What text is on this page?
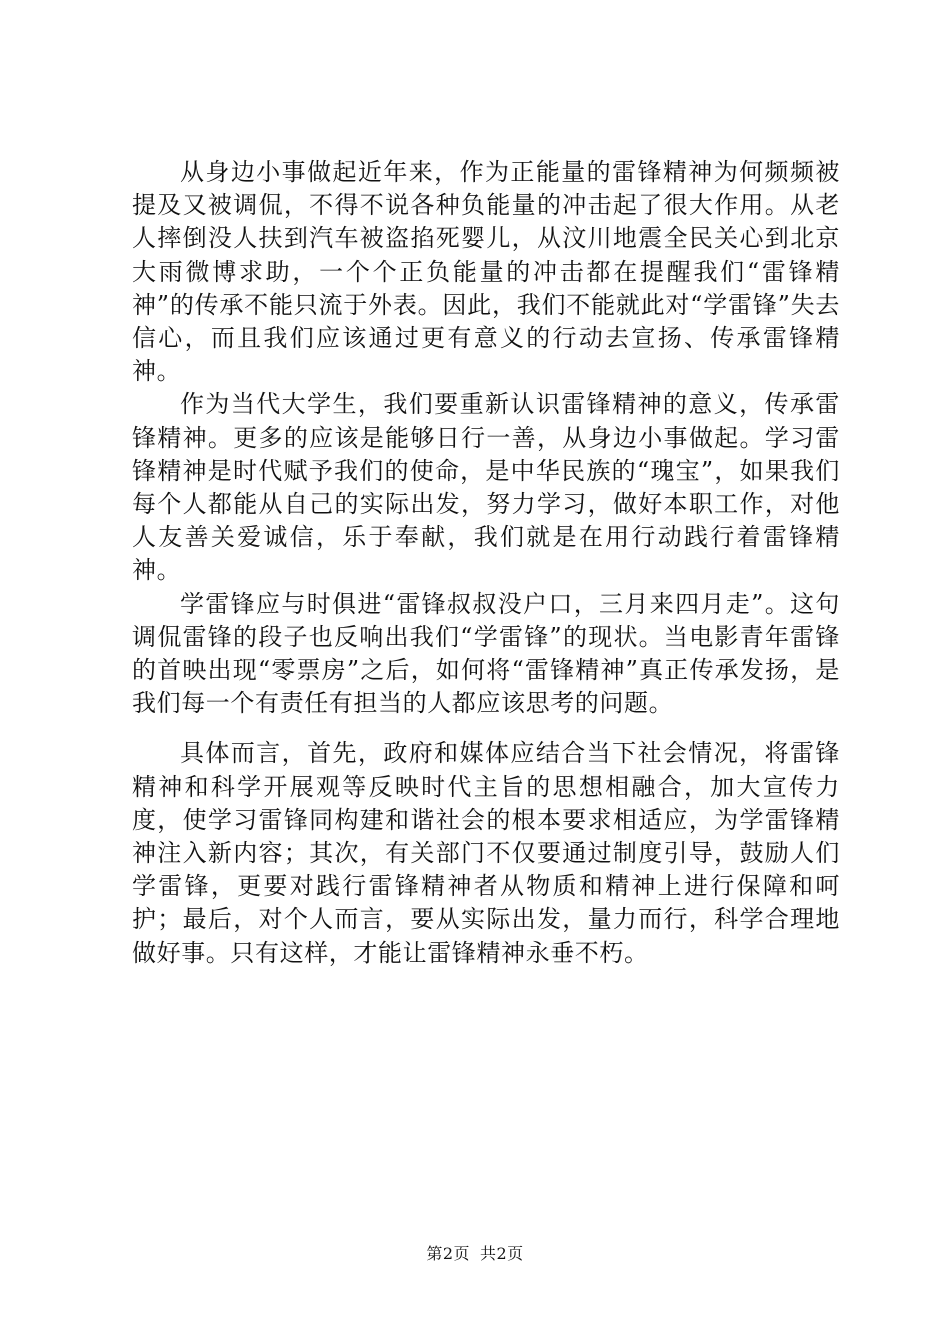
从身边小事做起近年来，作为正能量的雷锋精神为何频频被提及又被调侃，不得不说各种负能量的冲击起了很大作用。从老人摔倒没人扶到汽车被盗掐死婴儿，从汶川地震全民关心到北京大雨微博求助，一个个正负能量的冲击都在提醒我们“雷锋精神”的传承不能只流于外表。因此，我们不能就此对“学雷锋”失去信心，而且我们应该通过更有意义的行动去宣扬、传承雷锋精神。

作为当代大学生，我们要重新认识雷锋精神的意义，传承雷锋精神。更多的应该是能够日行一善，从身边小事做起。学习雷锋精神是时代赋予我们的使命，是中华民族的“瑰宝”，如果我们每个人都能从自己的实际出发，努力学习，做好本职工作，对他人友善关爱诚信，乐于奉献，我们就是在用行动践行着雷锋精神。

学雷锋应与时俱进“雷锋叔叔没户口，三月来四月走”。这句调侃雷锋的段子也反响出我们“学雷锋”的现状。当电影青年雷锋的首映出现“零票房”之后，如何将“雷锋精神”真正传承发扬，是我们每一个有责任有担当的人都应该思考的问题。

具体而言，首先，政府和媒体应结合当下社会情况，将雷锋精神和科学开展观等反映时代主旨的思想相融合，加大宣传力度，使学习雷锋同构建和谐社会的根本要求相适应，为学雷锋精神注入新内容；其次，有关部门不仅要通过制度引导，鼓励人们学雷锋，更要对践行雷锋精神者从物质和精神上进行保障和呵护；最后，对个人而言，要从实际出发，量力而行，科学合理地做好事。只有这样，才能让雷锋精神永垂不朽。

第2页 共2页
